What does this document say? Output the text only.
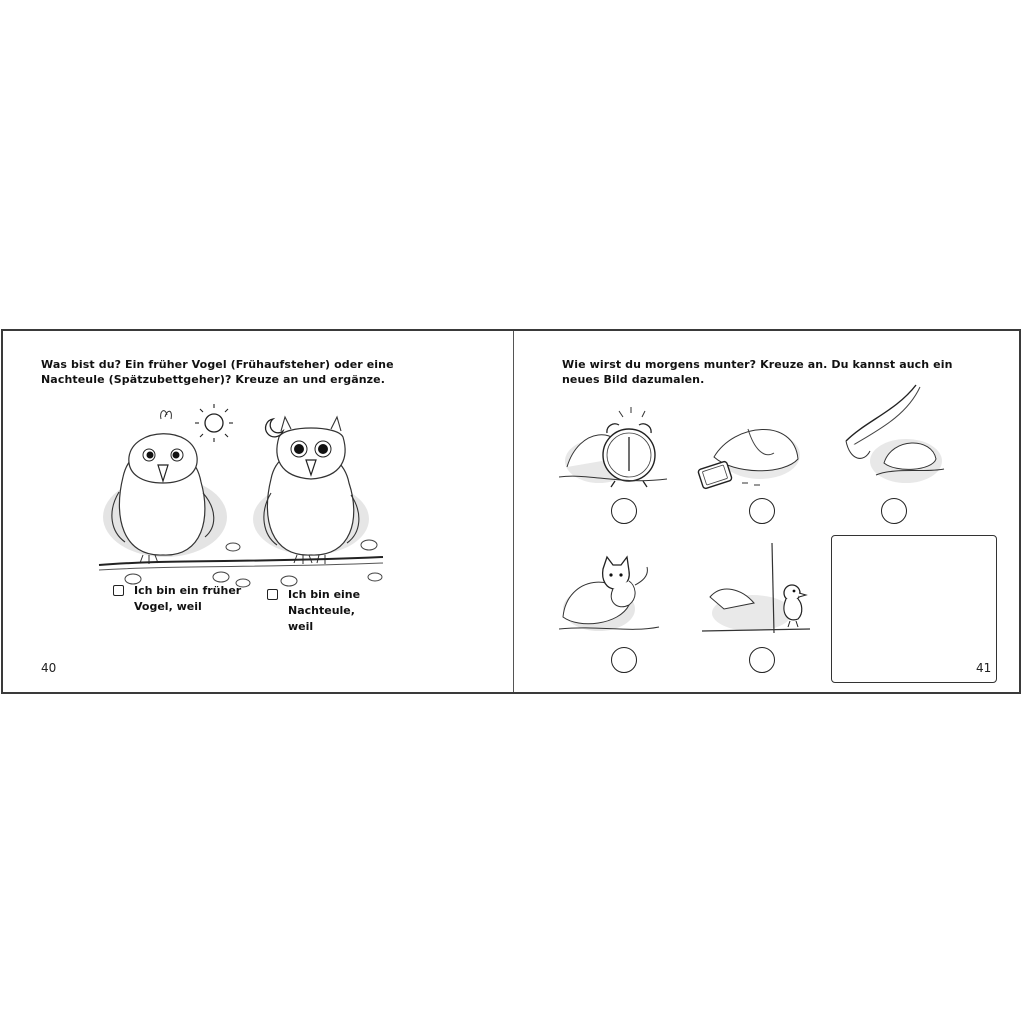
Was bist du? Ein früher Vogel (Frühaufsteher) oder eine Nachteule (Spätzubettgeher)? Kreuze an und ergänze.
Ich bin ein früher Vogel, weil
Ich bin eine Nachteule, weil
40
Wie wirst du morgens munter? Kreuze an. Du kannst auch ein neues Bild dazumalen.
41
